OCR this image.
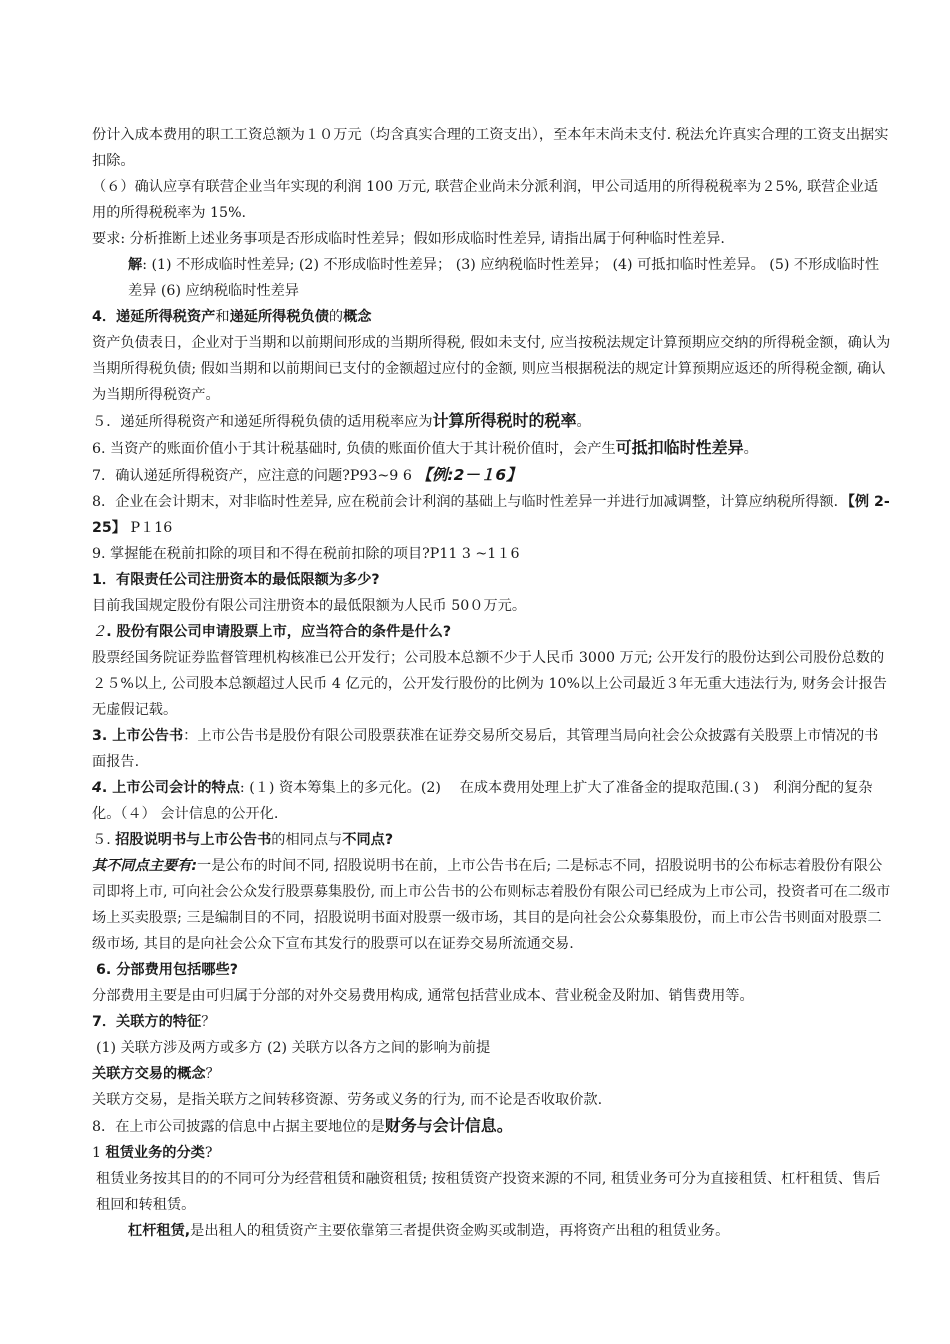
份计入成本费用的职工工资总额为１０万元（均含真实合理的工资支出），至本年末尚未支付. 税法允许真实合理的工资支出据实扣除。

（６）确认应享有联营企业当年实现的利润 100 万元, 联营企业尚未分派利润，甲公司适用的所得税税率为２5%, 联营企业适用的所得税税率为 15%.

要求: 分析推断上述业务事项是否形成临时性差异；假如形成临时性差异, 请指出属于何种临时性差异.

解: (1) 不形成临时性差异; (2) 不形成临时性差异； (3) 应纳税临时性差异； (4) 可抵扣临时性差异。 (5) 不形成临时性差异 (6) 应纳税临时性差异

4．递延所得税资产和递延所得税负债的概念

资产负债表日，企业对于当期和以前期间形成的当期所得税, 假如未支付, 应当按税法规定计算预期应交纳的所得税金额，确认为当期所得税负债; 假如当期和以前期间已支付的金额超过应付的金额, 则应当根据税法的规定计算预期应返还的所得税金额, 确认为当期所得税资产。

５．递延所得税资产和递延所得税负债的适用税率应为计算所得税时的税率。

6. 当资产的账面价值小于其计税基础时, 负债的账面价值大于其计税价值时，会产生可抵扣临时性差异。

7．确认递延所得税资产，应注意的问题?P93~9 6 【例:2－１6】

8．企业在会计期末，对非临时性差异, 应在税前会计利润的基础上与临时性差异一并进行加减调整，计算应纳税所得额．【例 2-25】 P１16

9. 掌握能在税前扣除的项目和不得在税前扣除的项目?P11 3 ~1１6

1．有限责任公司注册资本的最低限额为多少?

目前我国规定股份有限公司注册资本的最低限额为人民币 50０万元。

２. 股份有限公司申请股票上市，应当符合的条件是什么?

股票经国务院证券监督管理机构核准已公开发行；公司股本总额不少于人民币 3000 万元; 公开发行的股份达到公司股份总数的２５%以上, 公司股本总额超过人民币 4 亿元的，公开发行股份的比例为 10%以上公司最近３年无重大违法行为, 财务会计报告无虚假记载。

3. 上市公告书：上市公告书是股份有限公司股票获准在证券交易所交易后，其管理当局向社会公众披露有关股票上市情况的书面报告.

4. 上市公司会计的特点: (１) 资本筹集上的多元化。(2)　 在成本费用处理上扩大了准备金的提取范围.(３)　利润分配的复杂化。（４） 会计信息的公开化.

５. 招股说明书与上市公告书的相同点与不同点?

其不同点主要有:一是公布的时间不同, 招股说明书在前，上市公告书在后; 二是标志不同，招股说明书的公布标志着股份有限公司即将上市, 可向社会公众发行股票募集股份, 而上市公告书的公布则标志着股份有限公司已经成为上市公司，投资者可在二级市场上买卖股票; 三是编制目的不同，招股说明书面对股票一级市场，其目的是向社会公众募集股份，而上市公告书则面对股票二级市场, 其目的是向社会公众下宣布其发行的股票可以在证券交易所流通交易.

6. 分部费用包括哪些?

分部费用主要是由可归属于分部的对外交易费用构成, 通常包括营业成本、营业税金及附加、销售费用等。

7．关联方的特征？

(1) 关联方涉及两方或多方 (2) 关联方以各方之间的影响为前提

关联方交易的概念？

关联方交易，是指关联方之间转移资源、劳务或义务的行为, 而不论是否收取价款.

8．在上市公司披露的信息中占据主要地位的是财务与会计信息。

1 租赁业务的分类?

租赁业务按其目的的不同可分为经营租赁和融资租赁; 按租赁资产投资来源的不同, 租赁业务可分为直接租赁、杠杆租赁、售后租回和转租赁。

杠杆租赁,是出租人的租赁资产主要依靠第三者提供资金购买或制造，再将资产出租的租赁业务。
